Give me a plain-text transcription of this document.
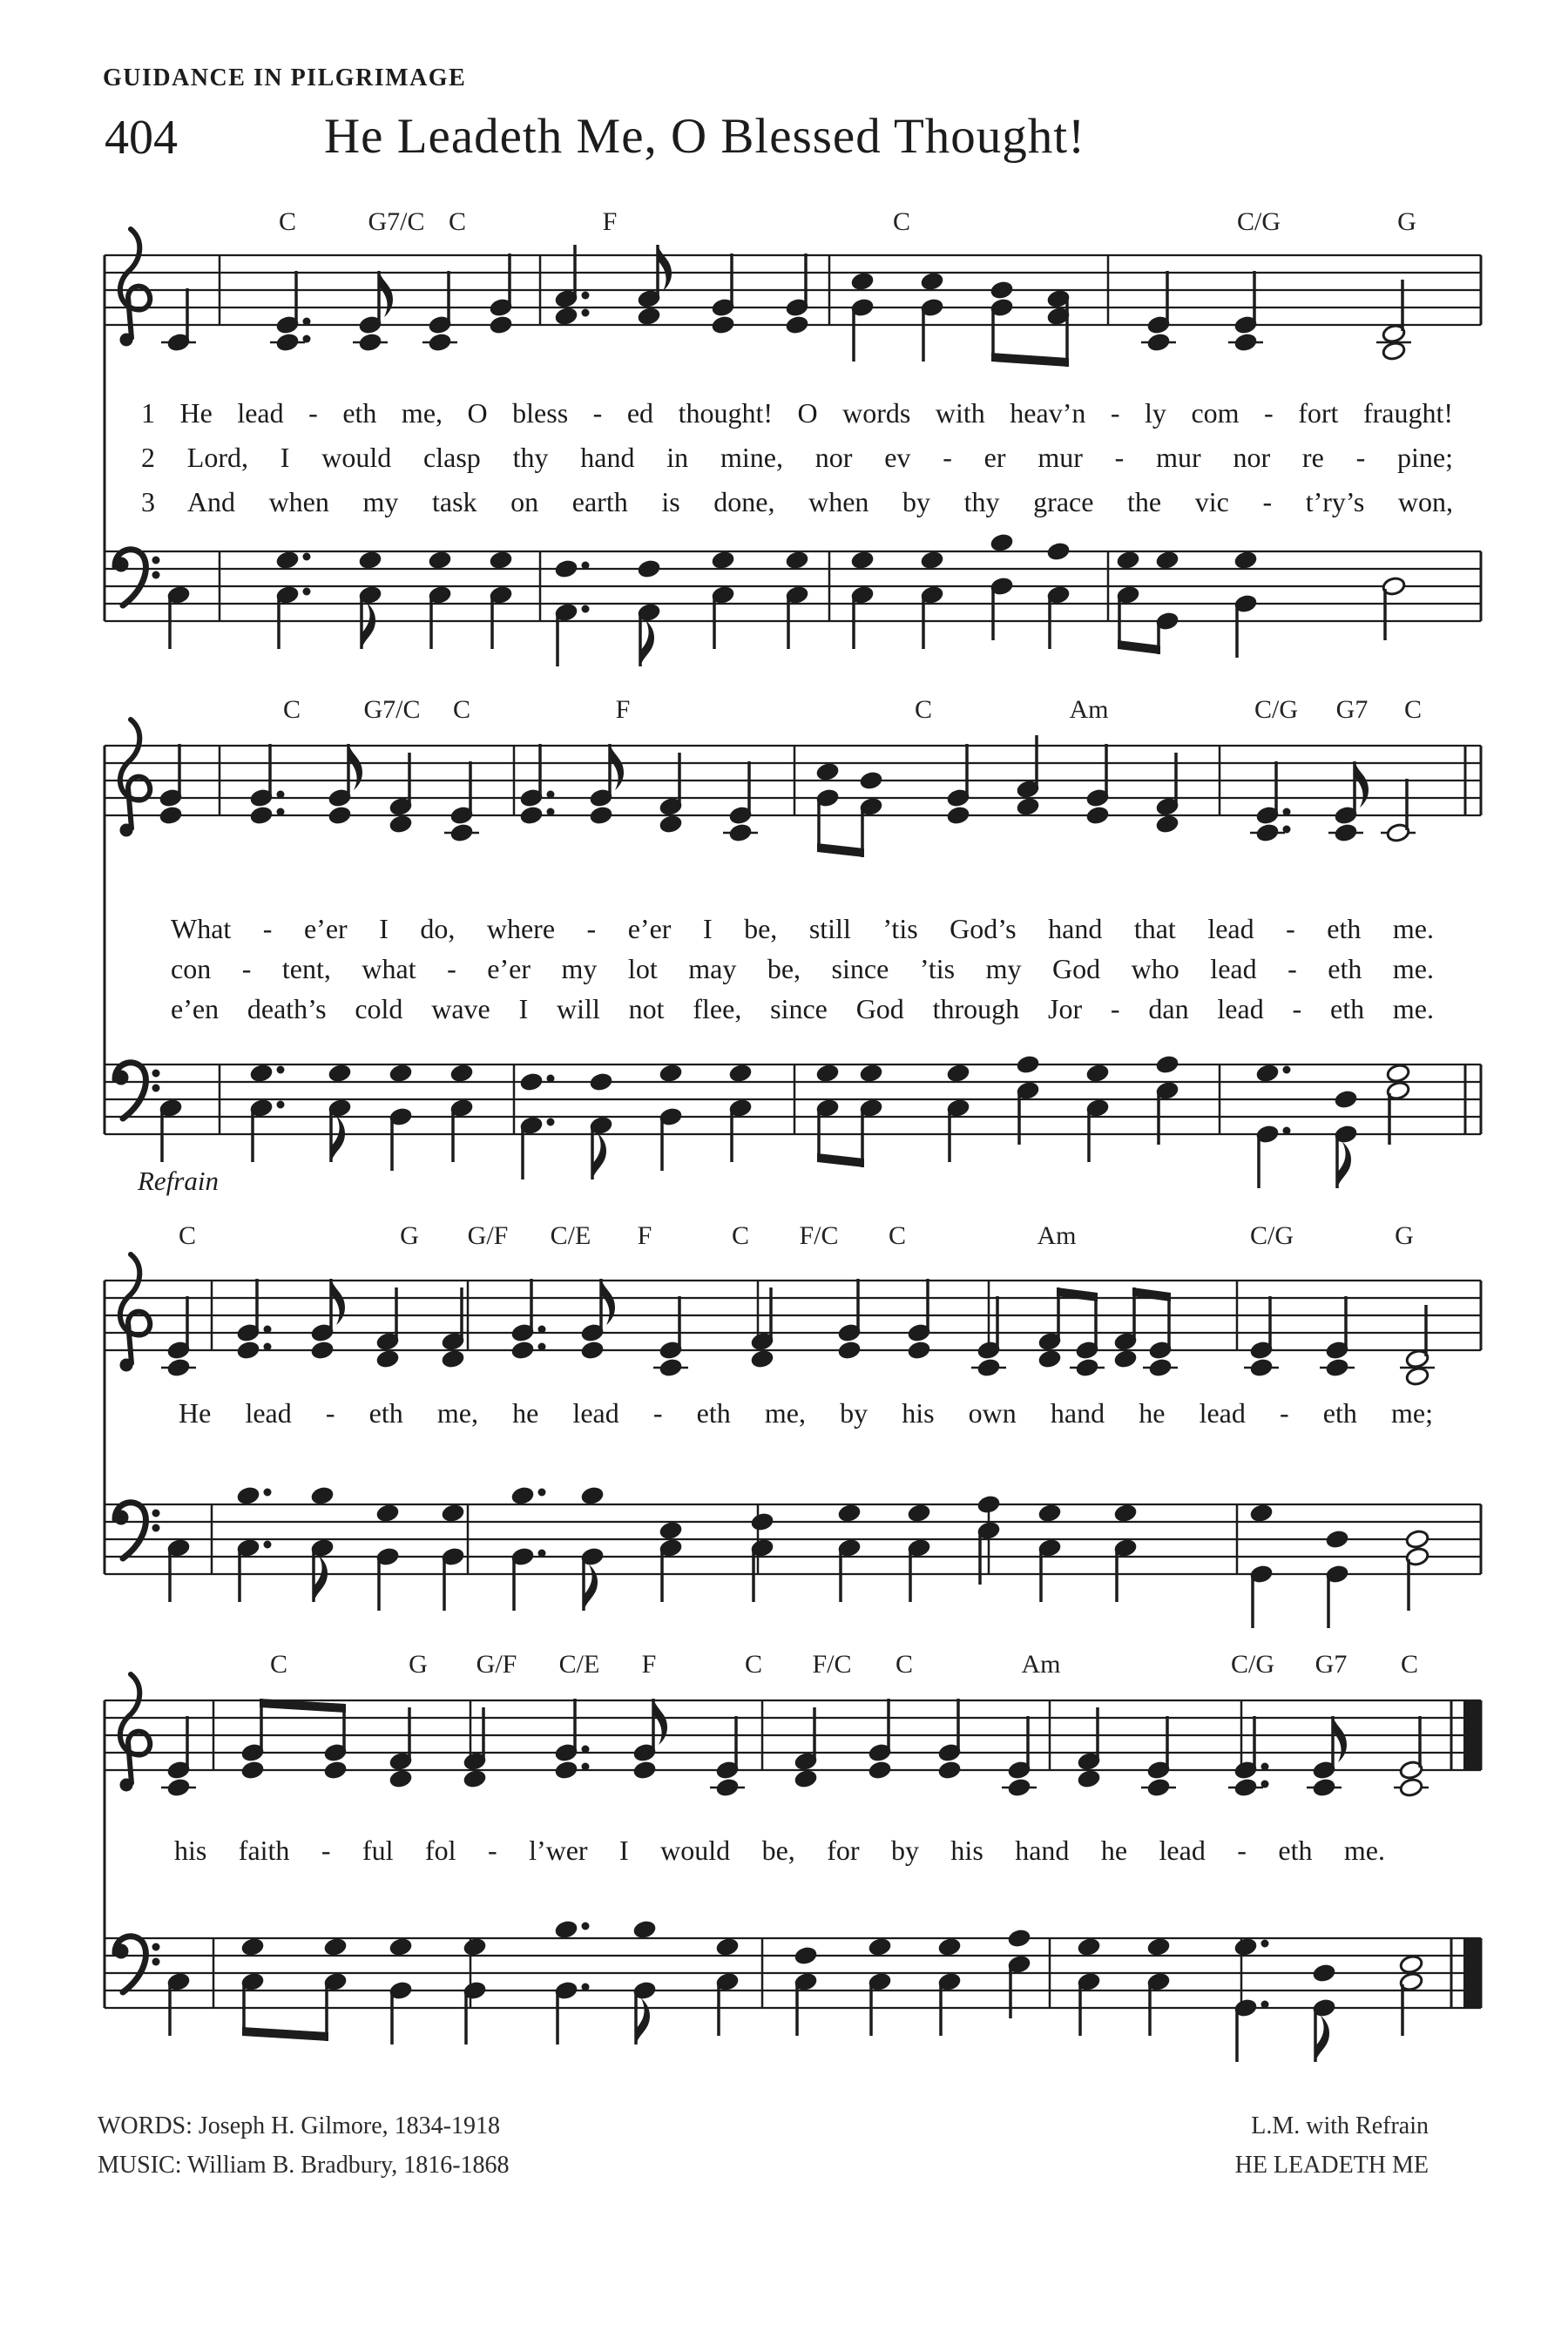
GUIDANCE IN PILGRIMAGE
404	He Leadeth Me, O Blessed Thought!
Refrain
C	G7/C C	F	C	C/G	G
C G7/C C	F	C	Am	C/G G7 C
C	G G/F C/E F	C F/C C	Am	C/G	G
C	G G/F C/E F	C F/C C	Am	C/G G7 C
1 He lead - eth me, O bless - ed thought! O words with heav’n - ly com - fort fraught!
2 Lord, I would clasp thy hand in mine, nor ev - er mur - mur nor re - pine;
3 And when my task on earth is done, when by thy grace the vic - t’ry’s won,
What - e’er I do, where - e’er I be, still ’tis God’s hand that lead - eth me.
con - tent, what - e’er my lot may be, since ’tis my God who lead - eth me.
e’en death’s cold wave I will not flee, since God through Jor - dan lead - eth me.
He lead - eth me, he lead - eth me, by his own hand he lead - eth me;
his faith - ful fol - l’wer I would be, for by his hand he lead - eth me.
WORDS: Joseph H. Gilmore, 1834-1918
MUSIC: William B. Bradbury, 1816-1868
L.M. with Refrain
HE LEADETH ME
